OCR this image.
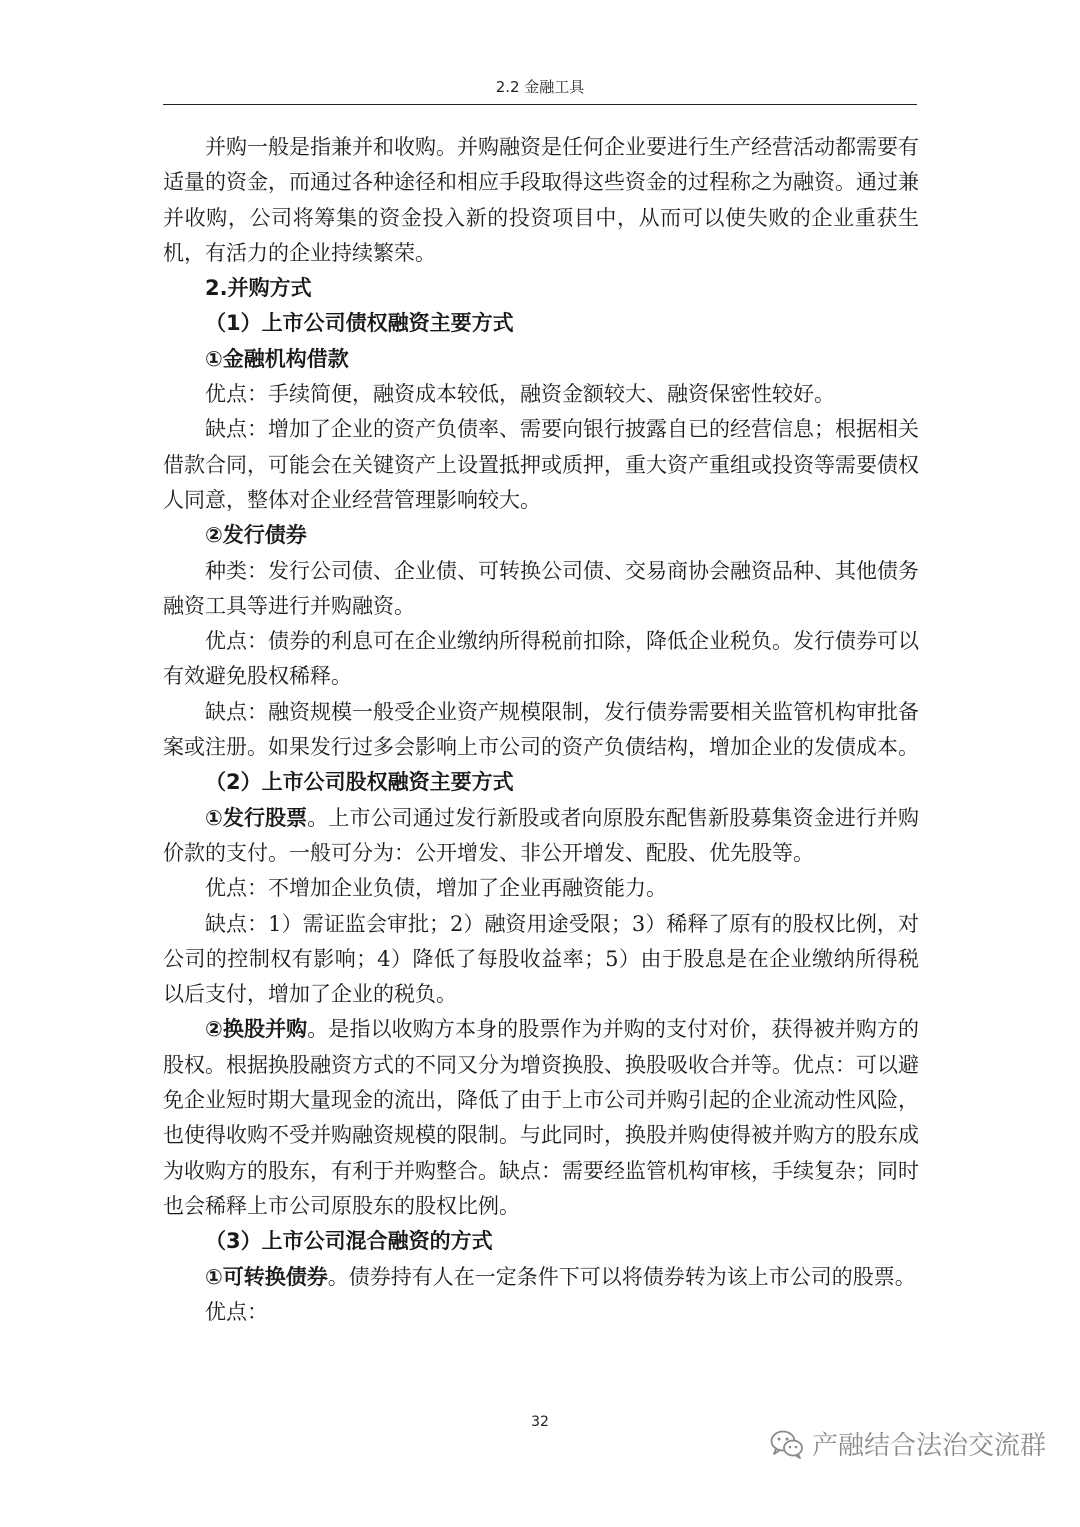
2.2 金融工具

并购一般是指兼并和收购。并购融资是任何企业要进行生产经营活动都需要有适量的资金，而通过各种途径和相应手段取得这些资金的过程称之为融资。通过兼并收购，公司将筹集的资金投入新的投资项目中，从而可以使失败的企业重获生机，有活力的企业持续繁荣。

2.并购方式

（1）上市公司债权融资主要方式

①金融机构借款

优点：手续简便，融资成本较低，融资金额较大、融资保密性较好。

缺点：增加了企业的资产负债率、需要向银行披露自已的经营信息；根据相关借款合同，可能会在关键资产上设置抵押或质押，重大资产重组或投资等需要债权人同意，整体对企业经营管理影响较大。

②发行债券

种类：发行公司债、企业债、可转换公司债、交易商协会融资品种、其他债务融资工具等进行并购融资。

优点：债券的利息可在企业缴纳所得税前扣除，降低企业税负。发行债券可以有效避免股权稀释。

缺点：融资规模一般受企业资产规模限制，发行债券需要相关监管机构审批备案或注册。如果发行过多会影响上市公司的资产负债结构，增加企业的发债成本。

（2）上市公司股权融资主要方式

①发行股票。上市公司通过发行新股或者向原股东配售新股募集资金进行并购价款的支付。一般可分为：公开增发、非公开增发、配股、优先股等。

优点：不增加企业负债，增加了企业再融资能力。

缺点：1）需证监会审批；2）融资用途受限；3）稀释了原有的股权比例，对公司的控制权有影响；4）降低了每股收益率；5）由于股息是在企业缴纳所得税以后支付，增加了企业的税负。

②换股并购。是指以收购方本身的股票作为并购的支付对价，获得被并购方的股权。根据换股融资方式的不同又分为增资换股、换股吸收合并等。优点：可以避免企业短时期大量现金的流出，降低了由于上市公司并购引起的企业流动性风险，也使得收购不受并购融资规模的限制。与此同时，换股并购使得被并购方的股东成为收购方的股东，有利于并购整合。缺点：需要经监管机构审核，手续复杂；同时也会稀释上市公司原股东的股权比例。

（3）上市公司混合融资的方式

①可转换债券。债券持有人在一定条件下可以将债券转为该上市公司的股票。

优点：

32
产融结合法治交流群
